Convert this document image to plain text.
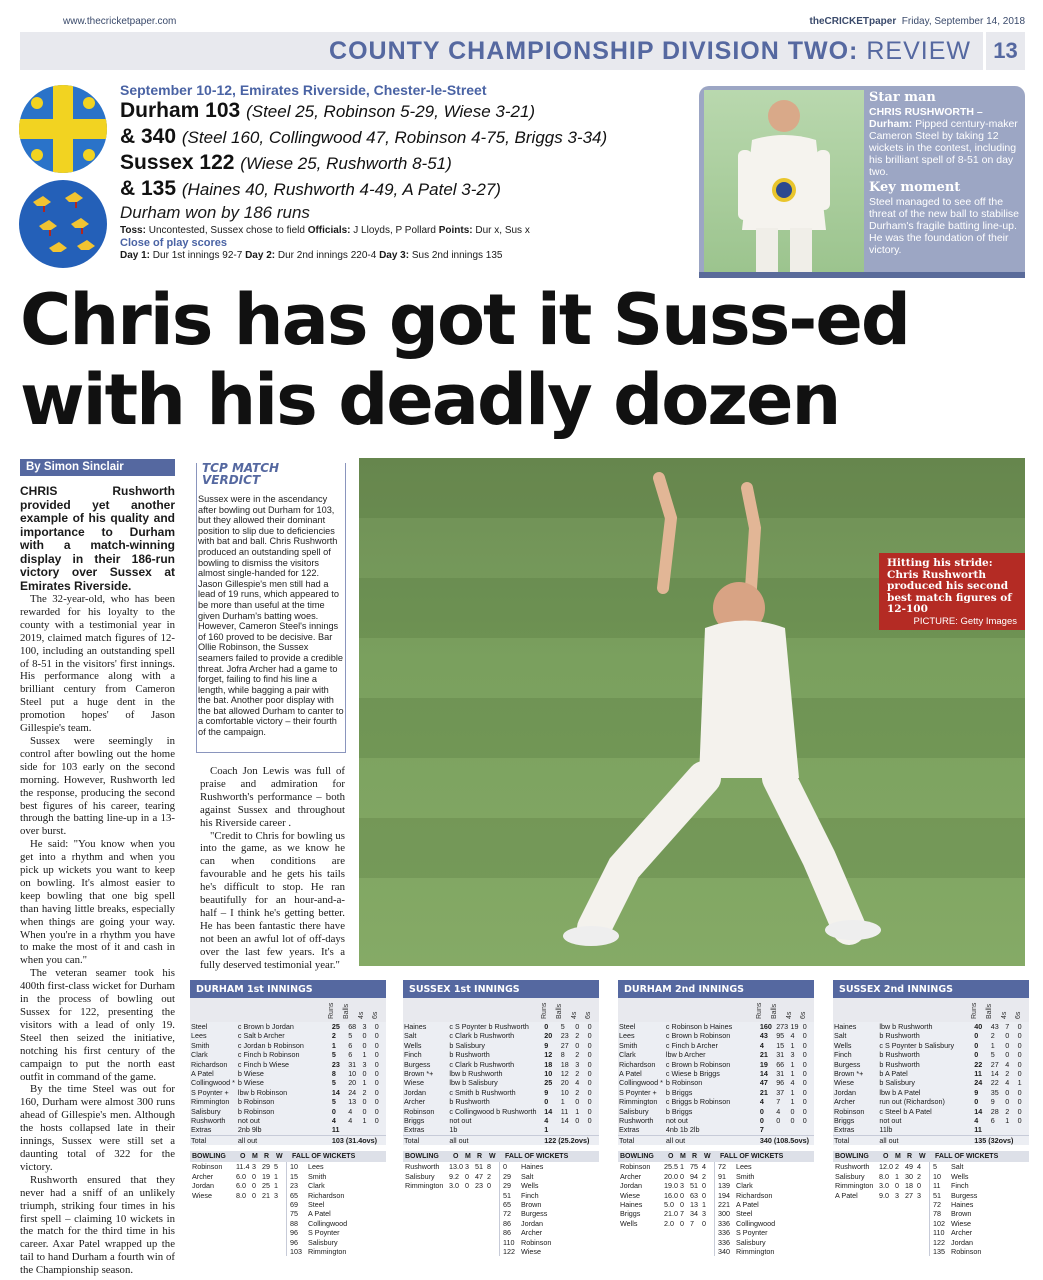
www.thecricketpaper.com	theCRICKETpaper Friday, September 14, 2018
COUNTY CHAMPIONSHIP DIVISION TWO: REVIEW	13
September 10-12, Emirates Riverside, Chester-le-Street
Durham 103 (Steel 25, Robinson 5-29, Wiese 3-21)
& 340 (Steel 160, Collingwood 47, Robinson 4-75, Briggs 3-34)
Sussex 122 (Wiese 25, Rushworth 8-51)
& 135 (Haines 40, Rushworth 4-49, A Patel 3-27)
Durham won by 186 runs
Toss: Uncontested, Sussex chose to field Officials: J Lloyds, P Pollard Points: Dur x, Sus x
Close of play scores
Day 1: Dur 1st innings 92-7 Day 2: Dur 2nd innings 220-4 Day 3: Sus 2nd innings 135
Star man
CHRIS RUSHWORTH – Durham: Pipped century-maker Cameron Steel by taking 12 wickets in the contest, including his brilliant spell of 8-51 on day two.
Key moment
Steel managed to see off the threat of the new ball to stabilise Durham's fragile batting line-up. He was the foundation of their victory.
Chris has got it Suss-ed
with his deadly dozen
By Simon Sinclair

CHRIS Rushworth provided yet another example of his quality and importance to Durham with a match-winning display in their 186-run victory over Sussex at Emirates Riverside.

The 32-year-old, who has been rewarded for his loyalty to the county with a testimonial year in 2019, claimed match figures of 12-100, including an outstanding spell of 8-51 in the visitors' first innings. His performance along with a brilliant century from Cameron Steel put a huge dent in the promotion hopes' of Jason Gillespie's team.

Sussex were seemingly in control after bowling out the home side for 103 early on the second morning. However, Rushworth led the response, producing the second best figures of his career, tearing through the batting line-up in a 13-over burst.

He said: "You know when you get into a rhythm and when you pick up wickets you want to keep on bowling. It's almost easier to keep bowling that one big spell than having little breaks, especially when things are going your way. When you're in a rhythm you have to make the most of it and cash in when you can."

The veteran seamer took his 400th first-class wicket for Durham in the process of bowling out Sussex for 122, presenting the visitors with a lead of only 19. Steel then seized the initiative, notching his first century of the campaign to put the north east outfit in command of the game.

By the time Steel was out for 160, Durham were almost 300 runs ahead of Gillespie's men. Although the hosts collapsed late in their innings, Sussex were still set a daunting total of 322 for the victory.

Rushworth ensured that they never had a sniff of an unlikely triumph, striking four times in his first spell – claiming 10 wickets in the match for the third time in his career. Axar Patel wrapped up the tail to hand Durham a fourth win of the Championship season.

TCP MATCH VERDICT
Sussex were in the ascendancy after bowling out Durham for 103, but they allowed their dominant position to slip due to deficiencies with bat and ball. Chris Rushworth produced an outstanding spell of bowling to dismiss the visitors almost single-handed for 122. Jason Gillespie's men still had a lead of 19 runs, which appeared to be more than useful at the time given Durham's batting woes. However, Cameron Steel's innings of 160 proved to be decisive. Bar Ollie Robinson, the Sussex seamers failed to provide a credible threat. Jofra Archer had a game to forget, failing to find his line a length, while bagging a pair with the bat. Another poor display with the bat allowed Durham to canter to a comfortable victory – their fourth of the campaign.

Coach Jon Lewis was full of praise and admiration for Rushworth's performance – both against Sussex and throughout his Riverside career .

"Credit to Chris for bowling us into the game, as we know he can when conditions are favourable and he gets his tails he's difficult to stop. He ran beautifully for an hour-and-a-half – I think he's getting better. He has been fantastic there have not been an awful lot of off-days over the last few years. It's a fully deserved testimonial year."

Hitting his stride: Chris Rushworth produced his second best match figures of 12-100
PICTURE: Getty Images
DURHAM 1st INNINGS
Runs Balls 4s 6s
Steel	c Brown b Jordan	25	68	3	0
Lees	c Salt b Archer	2	5	0	0
Smith	c Jordan b Robinson	1	6	0	0
Clark	c Finch b Robinson	5	6	1	0
Richardson	c Finch b Wiese	23	31	3	0
A Patel	b Wiese	8	10	0	0
Collingwood *	b Wiese	5	20	1	0
S Poynter +	lbw b Robinson	14	24	2	0
Rimmington	b Robinson	5	13	0	0
Salisbury	b Robinson	0	4	0	0
Rushworth	not out	4	4	1	0
Extras	2nb 9lb	11			
Total	all out	103 (31.4ovs)			
BOWLING	O M R W	FALL OF WICKETS
Robinson	11.4 3 29 5
Archer	6.0 0 19 1
Jordan	6.0 0 25 1
Wiese	8.0 0 21 3
10	Lees
15	Smith
23	Clark
65	Richardson
69	Steel
75	A Patel
88	Collingwood
96	S Poynter
96	Salisbury
103 Rimmington
SUSSEX 1st INNINGS
Runs Balls 4s 6s
Haines	c S Poynter b Rushworth	0	5	0	0
Salt	c Clark b Rushworth	20	23	2	0
Wells	b Salisbury	9	27	0	0
Finch	b Rushworth	12	8	2	0
Burgess	c Clark b Rushworth	18	18	3	0
Brown *+	lbw b Rushworth	10	12	2	0
Wiese	lbw b Salisbury	25	20	4	0
Jordan	c Smith b Rushworth	9	10	2	0
Archer	b Rushworth	0	1	0	0
Robinson	c Collingwood b Rushworth	14	11	1	0
Briggs	not out	4	14	0	0
Extras	1b	1			
Total	all out	122 (25.2ovs)			
BOWLING	O M R W	FALL OF WICKETS
Rushworth	13.0 3 51 8
Salisbury	9.2 0 47 2
Rimmington 3.0 0 23 0
0	Haines
29	Salt
29	Wells
51	Finch
65	Brown
72	Burgess
86	Jordan
86	Archer
110 Robinson
122 Wiese
DURHAM 2nd INNINGS
Runs Balls 4s 6s
Steel	c Robinson b Haines	160	273	19	0
Lees	c Brown b Robinson	43	95	4	0
Smith	c Finch b Archer	4	15	1	0
Clark	lbw b Archer	21	31	3	0
Richardson	c Brown b Robinson	19	66	1	0
A Patel	c Wiese b Briggs	14	31	1	0
Collingwood *	b Robinson	47	96	4	0
S Poynter +	b Briggs	21	37	1	0
Rimmington	c Briggs b Robinson	4	7	1	0
Salisbury	b Briggs	0	4	0	0
Rushworth	not out	0	0	0	0
Extras	4nb 1b 2lb	7			
Total	all out	340 (108.5ovs)			
BOWLING	O M R W	FALL OF WICKETS
Robinson	25.5 1 75 4
Archer	20.0 0 94 2
Jordan	19.0 3 51 0
Wiese	16.0 0 63 0
Haines	5.0 0 13 1
Briggs	21.0 7 34 3
Wells	2.0 0 7	0
72	Lees
91	Smith
139 Clark
194 Richardson
221 A Patel
300 Steel
336 Collingwood
336 S Poynter
336 Salisbury
340 Rimmington
SUSSEX 2nd INNINGS
Runs Balls 4s 6s
Haines	lbw b Rushworth	40	43	7	0
Salt	b Rushworth	0	2	0	0
Wells	c S Poynter b Salisbury	0	1	0	0
Finch	b Rushworth	0	5	0	0
Burgess	b Rushworth	22	27	4	0
Brown *+	b A Patel	11	14	2	0
Wiese	b Salisbury	24	22	4	1
Jordan	lbw b A Patel	9	35	0	0
Archer	run out (Richardson)	0	9	0	0
Robinson	c Steel b A Patel	14	28	2	0
Briggs	not out	4	6	1	0
Extras	11lb	11			
Total	all out	135 (32ovs)			
BOWLING	O M R W	FALL OF WICKETS
Rushworth	12.0 2 49 4
Salisbury	8.0 1 30 2
Rimmington 3.0 0 18 0
A Patel	9.0 3 27 3
5	Salt
10	Wells
11	Finch
51	Burgess
72	Haines
78	Brown
102 Wiese
110 Archer
122 Jordan
135 Robinson
